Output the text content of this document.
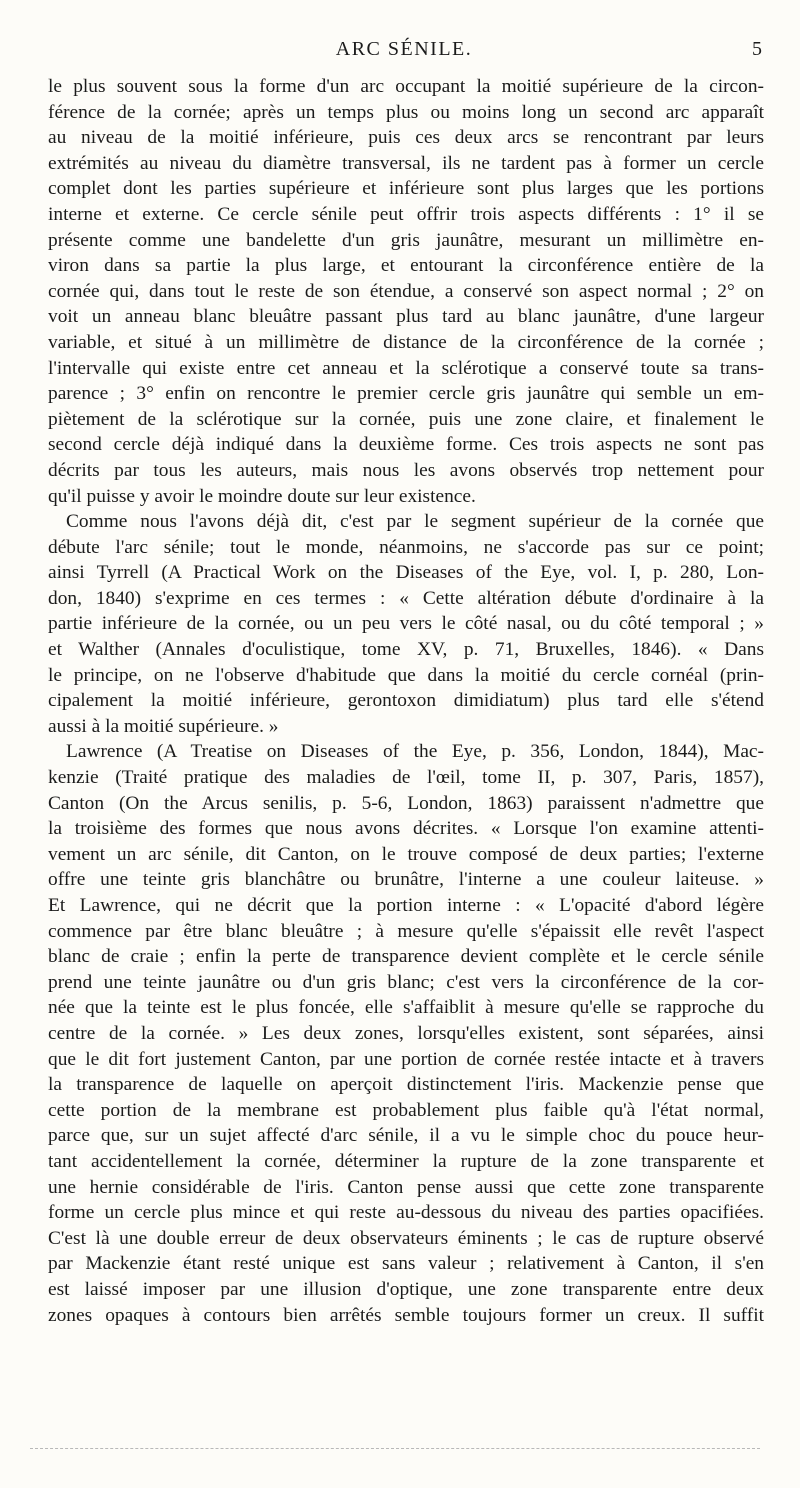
ARC SÉNILE.	5
le plus souvent sous la forme d'un arc occupant la moitié supérieure de la circon-
férence de la cornée; après un temps plus ou moins long un second arc apparaît
au niveau de la moitié inférieure, puis ces deux arcs se rencontrant par leurs
extrémités au niveau du diamètre transversal, ils ne tardent pas à former un cercle
complet dont les parties supérieure et inférieure sont plus larges que les portions
interne et externe. Ce cercle sénile peut offrir trois aspects différents : 1° il se
présente comme une bandelette d'un gris jaunâtre, mesurant un millimètre en-
viron dans sa partie la plus large, et entourant la circonférence entière de la
cornée qui, dans tout le reste de son étendue, a conservé son aspect normal ; 2° on
voit un anneau blanc bleuâtre passant plus tard au blanc jaunâtre, d'une largeur
variable, et situé à un millimètre de distance de la circonférence de la cornée ;
l'intervalle qui existe entre cet anneau et la sclérotique a conservé toute sa trans-
parence ; 3° enfin on rencontre le premier cercle gris jaunâtre qui semble un em-
piètement de la sclérotique sur la cornée, puis une zone claire, et finalement le
second cercle déjà indiqué dans la deuxième forme. Ces trois aspects ne sont pas
décrits par tous les auteurs, mais nous les avons observés trop nettement pour
qu'il puisse y avoir le moindre doute sur leur existence.
Comme nous l'avons déjà dit, c'est par le segment supérieur de la cornée que
débute l'arc sénile; tout le monde, néanmoins, ne s'accorde pas sur ce point;
ainsi Tyrrell (A Practical Work on the Diseases of the Eye, vol. I, p. 280, Lon-
don, 1840) s'exprime en ces termes : « Cette altération débute d'ordinaire à la
partie inférieure de la cornée, ou un peu vers le côté nasal, ou du côté temporal ; »
et Walther (Annales d'oculistique, tome XV, p. 71, Bruxelles, 1846). « Dans
le principe, on ne l'observe d'habitude que dans la moitié du cercle cornéal (prin-
cipalement la moitié inférieure, gerontoxon dimidiatum) plus tard elle s'étend
aussi à la moitié supérieure. »
Lawrence (A Treatise on Diseases of the Eye, p. 356, London, 1844), Mac-
kenzie (Traité pratique des maladies de l'œil, tome II, p. 307, Paris, 1857),
Canton (On the Arcus senilis, p. 5-6, London, 1863) paraissent n'admettre que
la troisième des formes que nous avons décrites. « Lorsque l'on examine attenti-
vement un arc sénile, dit Canton, on le trouve composé de deux parties; l'externe
offre une teinte gris blanchâtre ou brunâtre, l'interne a une couleur laiteuse. »
Et Lawrence, qui ne décrit que la portion interne : « L'opacité d'abord légère
commence par être blanc bleuâtre ; à mesure qu'elle s'épaissit elle revêt l'aspect
blanc de craie ; enfin la perte de transparence devient complète et le cercle sénile
prend une teinte jaunâtre ou d'un gris blanc; c'est vers la circonférence de la cor-
née que la teinte est le plus foncée, elle s'affaiblit à mesure qu'elle se rapproche du
centre de la cornée. » Les deux zones, lorsqu'elles existent, sont séparées, ainsi
que le dit fort justement Canton, par une portion de cornée restée intacte et à travers
la transparence de laquelle on aperçoit distinctement l'iris. Mackenzie pense que
cette portion de la membrane est probablement plus faible qu'à l'état normal,
parce que, sur un sujet affecté d'arc sénile, il a vu le simple choc du pouce heur-
tant accidentellement la cornée, déterminer la rupture de la zone transparente et
une hernie considérable de l'iris. Canton pense aussi que cette zone transparente
forme un cercle plus mince et qui reste au-dessous du niveau des parties opacifiées.
C'est là une double erreur de deux observateurs éminents ; le cas de rupture observé
par Mackenzie étant resté unique est sans valeur ; relativement à Canton, il s'en
est laissé imposer par une illusion d'optique, une zone transparente entre deux
zones opaques à contours bien arrêtés semble toujours former un creux. Il suffit
